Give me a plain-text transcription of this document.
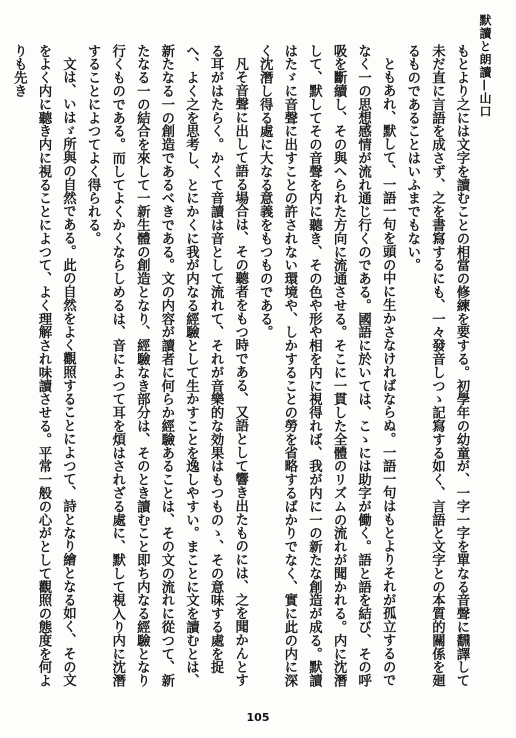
默讀と朗讀—山口

もとより之には文字を讀むことの相當の修練を要する。初學年の幼童が、一字一字を單なる音聲に飜譯して未だ直に言語を成さず、之を書寫するにも、一々發音しつゝ記寫する如く、言語と文字との本質的關係を廻るものであることはいふまでもない。

ともあれ、默して、一語一句を頭の中に生かさなければならぬ。一語一句はもとよりそれが孤立するのでなく一の思想感情が流れ通じ行くのである。國語に於いては、こゝには助字が働く。語と語を結び、その呼吸を斷續し、その與へられた方向に流通させる。そこに一貫した全體のリズムの流れが聞かれる。内に沈潛して、默してその音聲を内に聽き、その色や形や相を内に視得れば、我が内に一の新たな創造が成る。默讀はたゞに音聲に出すことの許されない環境や、しかすることの勞を省略するばかりでなく、實に此の内に深く沈潛し得る處に大なる意義をもつものである。

凡そ音聲に出して語る場合は、その聽者をもつ時である、又語として響き出たものには、之を聞かんとする耳がはたらく。かくて音讀は音として流れて、それが音樂的な効果はもつものゝ、その意味する處を捉へ、よく之を思考し、とにかくに我が内なる經驗として生かすことを逸しやすい。まことに文を讀むとは、新たなる一の創造であるべきである。文の内容が讀者に何らか經驗あることは、その文の流れに從つて、新たなる一の結合を來して一新生體の創造となり、經驗なき部分は、そのとき讀むこと即ち内なる經驗となり行くものである。而してよくかくならしめるは、音によつて耳を煩はされざる處に、默して視入り内に沈潛することによつてよく得られる。

文は、いはゞ所與の自然である。此の自然をよく觀照することによつて、詩となり繪となる如く、その文をよく内に聽き内に視ることによつて、よく理解され味讀させる。平常一般の心がとして觀照の態度を何よりも先き

105
